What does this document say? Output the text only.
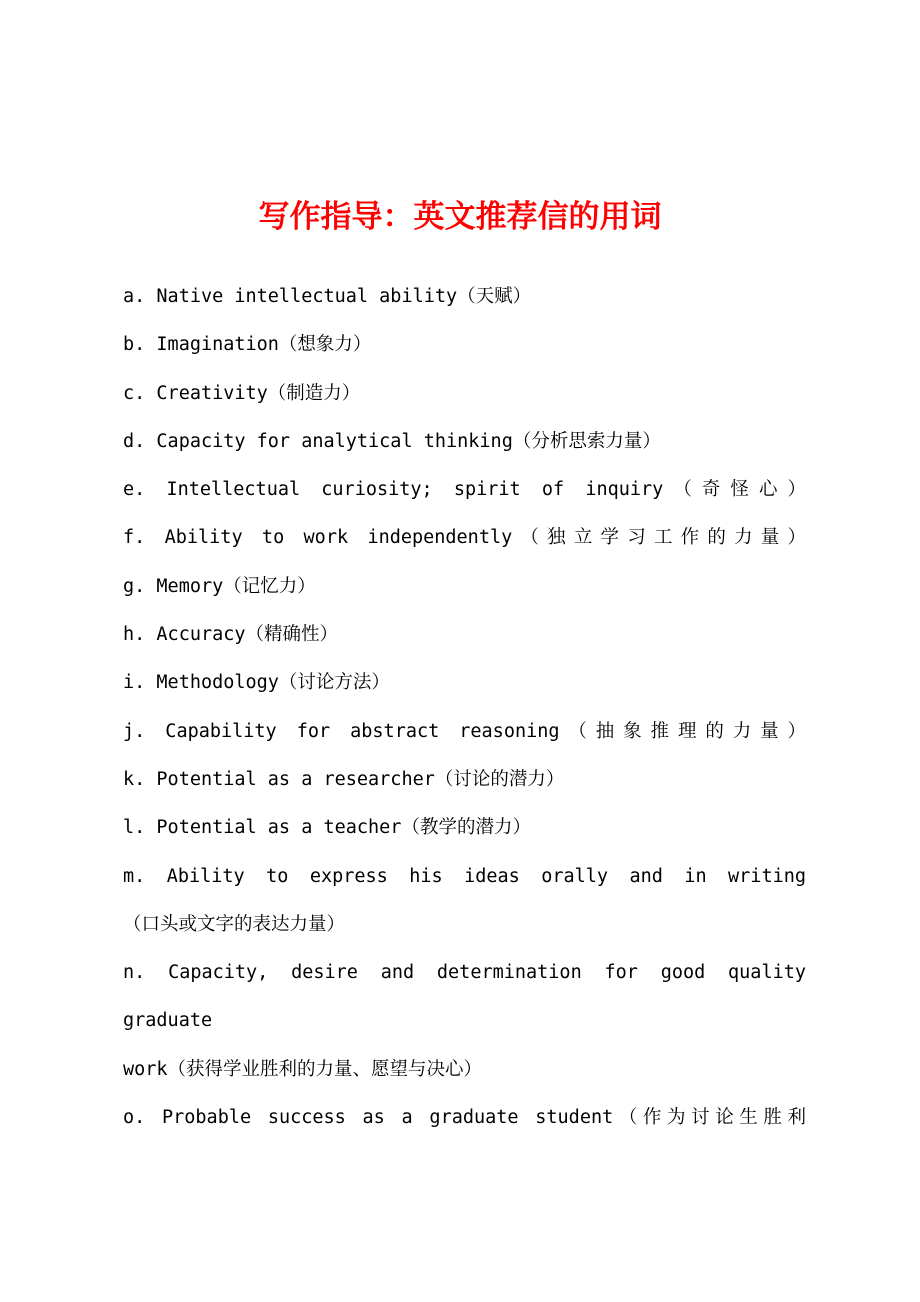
写作指导：英文推荐信的用词
a. Native intellectual ability（天赋）
b. Imagination（想象力）
c. Creativity（制造力）
d. Capacity for analytical thinking（分析思索力量）
e. Intellectual curiosity; spirit of inquiry（奇怪心）
f. Ability to work independently（独立学习工作的力量）
g. Memory（记忆力）
h. Accuracy（精确性）
i. Methodology（讨论方法）
j. Capability for abstract reasoning（抽象推理的力量）
k. Potential as a researcher（讨论的潜力）
l. Potential as a teacher（教学的潜力）
m. Ability to express his ideas orally and in writing
（口头或文字的表达力量）
n. Capacity, desire and determination for good quality
graduate
work（获得学业胜利的力量、愿望与决心）
o. Probable success as a graduate student（作为讨论生胜利
